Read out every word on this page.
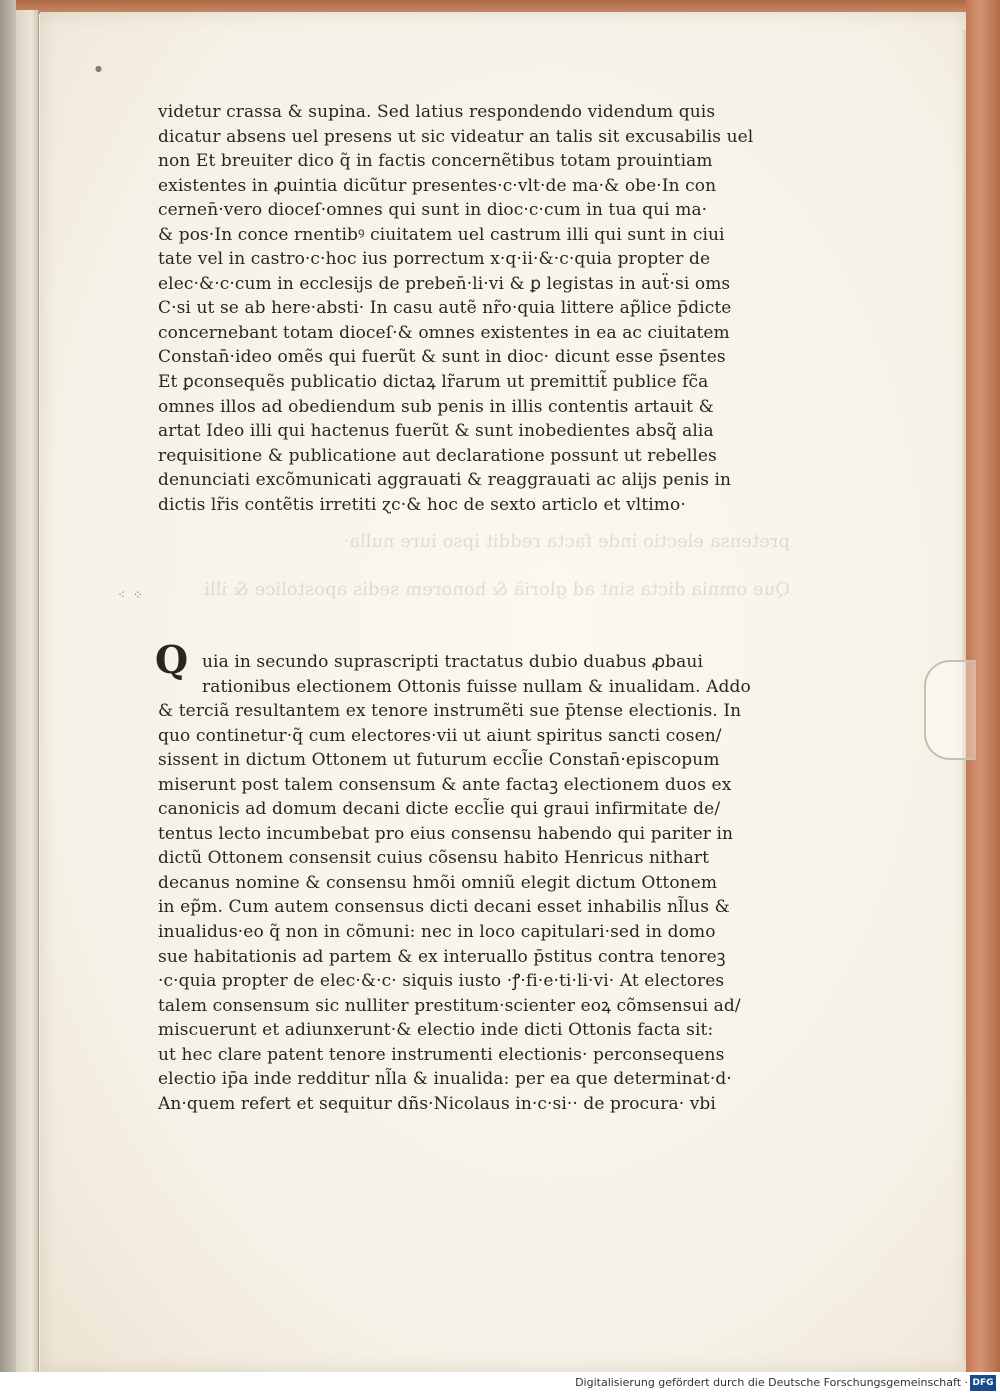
pretensa electio inde facta reddit ipso iure nulla·
Que omnia dicta sint ad gloriã & honorem sedis apostolice & illi
●
⁖ ⁘
videtur crassa & supina. Sed latius respondendo videndum quis
dicatur absens uel presens ut sic videatur an talis sit excusabilis uel
non Et breuiter dico q̃ in factis concernẽtibus totam prouintiam
existentes in ꝓuintia dicũtur presentes·c·vlt·de ma·& obe·In con
cernen̄·vero dioceſ·omnes qui sunt in dioc·c·cum in tua qui ma·
& pos·In conce rnentibꝰ ciuitatem uel castrum illi qui sunt in ciui
tate vel in castro·c·hoc ius porrectum x·q·ii·&·c·quia propter de
elec·&·c·cum in ecclesijs de preben̄·li·vi & ꝑ legistas in auẗ·si oms
C·si ut se ab here·absti· In casu autẽ nr̃o·quia littere ap̃lice p̄dicte
concernebant totam dioceſ·& omnes existentes in ea ac ciuitatem
Constan̄·ideo omẽs qui fuerũt & sunt in dioc· dicunt esse p̄sentes
Et ꝑconsequẽs publicatio dictaꝝ lr̃arum ut premittit̃ publice fc̃a
omnes illos ad obediendum sub penis in illis contentis artauit &
artat Ideo illi qui hactenus fuerũt & sunt inobedientes absq̃ alia
requisitione & publicatione aut declaratione possunt ut rebelles
denunciati excõmunicati aggrauati & reaggrauati ac alijs penis in
dictis lr̃is contẽtis irretiti ɀc·& hoc de sexto articlo et vltimo·
Q uia in secundo suprascripti tractatus dubio duabus ꝓbaui
rationibus electionem Ottonis fuisse nullam & inualidam. Addo
& terciã resultantem ex tenore instrumẽti sue p̄tense electionis. In
quo continetur·q̃ cum electores·vii ut aiunt spiritus sancti cosen/
sissent in dictum Ottonem ut futurum eccl̃ie Constan̄·episcopum
miserunt post talem consensum & ante factaꝫ electionem duos ex
canonicis ad domum decani dicte eccl̃ie qui graui infirmitate de/
tentus lecto incumbebat pro eius consensu habendo qui pariter in
dictũ Ottonem consensit cuius cõsensu habito Henricus nithart
decanus nomine & consensu hmõi omniũ elegit dictum Ottonem
in ep̃m. Cum autem consensus dicti decani esset inhabilis nl̃lus &
inualidus·eo q̃ non in cõmuni: nec in loco capitulari·sed in domo
sue habitationis ad partem & ex interuallo p̄stitus contra tenoreꝫ
·c·quia propter de elec·&·c· siquis iusto ·ꝭ·fi·e·ti·li·vi· At electores
talem consensum sic nulliter prestitum·scienter eoꝝ cõmsensui ad/
miscuerunt et adiunxerunt·& electio inde dicti Ottonis facta sit:
ut hec clare patent tenore instrumenti electionis· perconsequens
electio ip̄a inde redditur nl̃la & inualida: per ea que determinat·d·
An·quem refert et sequitur dñs·Nicolaus in·c·si·· de procura· vbi
Digitalisierung gefördert durch die Deutsche Forschungsgemeinschaft · DFG
